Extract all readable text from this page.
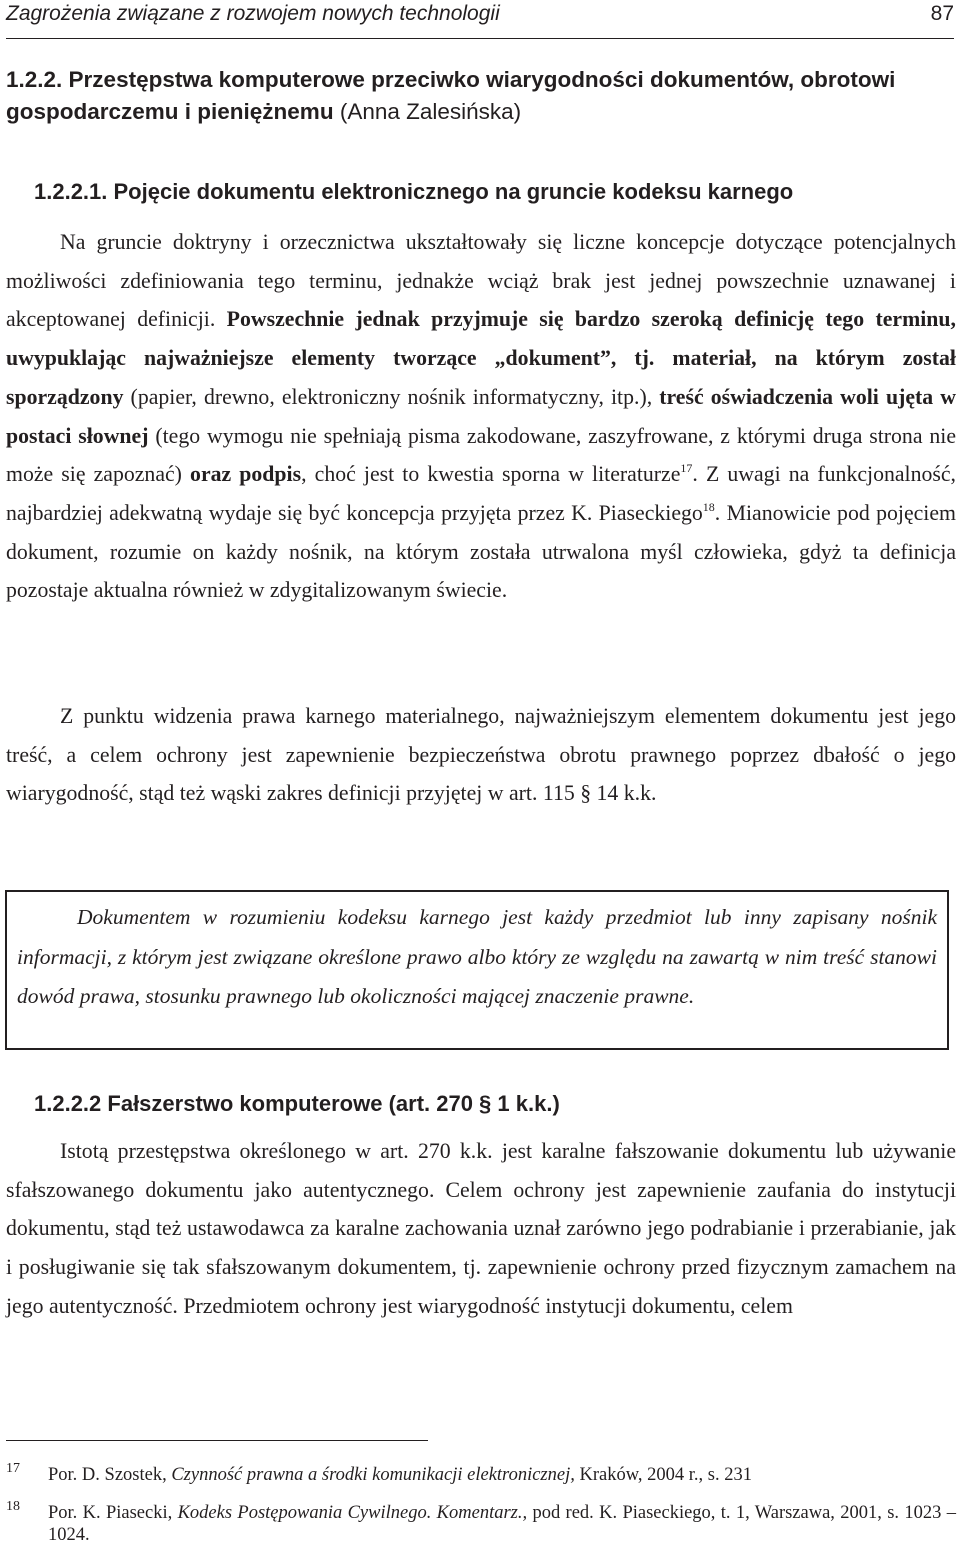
Zagrożenia związane z rozwojem nowych technologii	87
1.2.2. Przestępstwa komputerowe przeciwko wiarygodności dokumentów, obrotowi gospodarczemu i pieniężnemu (Anna Zalesińska)
1.2.2.1. Pojęcie dokumentu elektronicznego na gruncie kodeksu karnego
Na gruncie doktryny i orzecznictwa ukształtowały się liczne koncepcje dotyczące potencjalnych możliwości zdefiniowania tego terminu, jednakże wciąż brak jest jednej powszechnie uznawanej i akceptowanej definicji. Powszechnie jednak przyjmuje się bardzo szeroką definicję tego terminu, uwypuklając najważniejsze elementy tworzące „dokument”, tj. materiał, na którym został sporządzony (papier, drewno, elektroniczny nośnik informatyczny, itp.), treść oświadczenia woli ujęta w postaci słownej (tego wymogu nie spełniają pisma zakodowane, zaszyfrowane, z którymi druga strona nie może się zapoznać) oraz podpis, choć jest to kwestia sporna w literaturze$^{17}$. Z uwagi na funkcjonalność, najbardziej adekwatną wydaje się być koncepcja przyjęta przez K. Piaseckiego$^{18}$. Mianowicie pod pojęciem dokument, rozumie on każdy nośnik, na którym została utrwalona myśl człowieka, gdyż ta definicja pozostaje aktualna również w zdygitalizowanym świecie.
Z punktu widzenia prawa karnego materialnego, najważniejszym elementem dokumentu jest jego treść, a celem ochrony jest zapewnienie bezpieczeństwa obrotu prawnego poprzez dbałość o jego wiarygodność, stąd też wąski zakres definicji przyjętej w art. 115 § 14 k.k.
Dokumentem w rozumieniu kodeksu karnego jest każdy przedmiot lub inny zapisany nośnik informacji, z którym jest związane określone prawo albo który ze względu na zawartą w nim treść stanowi dowód prawa, stosunku prawnego lub okoliczności mającej znaczenie prawne.
1.2.2.2 Fałszerstwo komputerowe (art. 270 § 1 k.k.)
Istotą przestępstwa określonego w art. 270 k.k. jest karalne fałszowanie dokumentu lub używanie sfałszowanego dokumentu jako autentycznego. Celem ochrony jest zapewnienie zaufania do instytucji dokumentu, stąd też ustawodawca za karalne zachowania uznał zarówno jego podrabianie i przerabianie, jak i posługiwanie się tak sfałszowanym dokumentem, tj. zapewnienie ochrony przed fizycznym zamachem na jego autentyczność. Przedmiotem ochrony jest wiarygodność instytucji dokumentu, celem
17 Por. D. Szostek, Czynność prawna a środki komunikacji elektronicznej, Kraków, 2004 r., s. 231
18 Por. K. Piasecki, Kodeks Postępowania Cywilnego. Komentarz., pod red. K. Piaseckiego, t. 1, Warszawa, 2001, s. 1023 – 1024.
